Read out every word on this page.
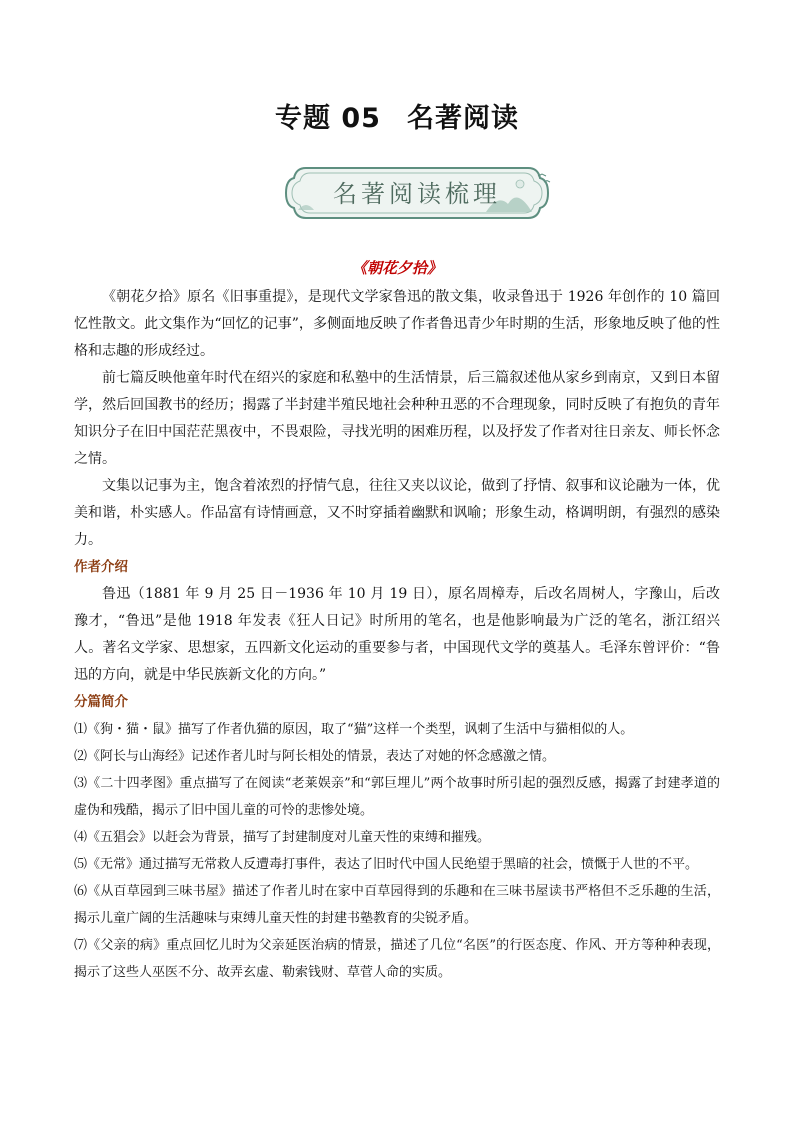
专题 05 名著阅读
名著阅读梳理
《朝花夕拾》

《朝花夕拾》原名《旧事重提》，是现代文学家鲁迅的散文集，收录鲁迅于 1926 年创作的 10 篇回忆性散文。此文集作为“回忆的记事”，多侧面地反映了作者鲁迅青少年时期的生活，形象地反映了他的性格和志趣的形成经过。

前七篇反映他童年时代在绍兴的家庭和私塾中的生活情景，后三篇叙述他从家乡到南京，又到日本留学，然后回国教书的经历；揭露了半封建半殖民地社会种种丑恶的不合理现象，同时反映了有抱负的青年知识分子在旧中国茫茫黑夜中，不畏艰险，寻找光明的困难历程，以及抒发了作者对往日亲友、师长怀念之情。

文集以记事为主，饱含着浓烈的抒情气息，往往又夹以议论，做到了抒情、叙事和议论融为一体，优美和谐，朴实感人。作品富有诗情画意，又不时穿插着幽默和讽喻；形象生动，格调明朗，有强烈的感染力。

作者介绍

鲁迅（1881 年 9 月 25 日－1936 年 10 月 19 日），原名周樟寿，后改名周树人，字豫山，后改豫才，“鲁迅”是他 1918 年发表《狂人日记》时所用的笔名，也是他影响最为广泛的笔名，浙江绍兴人。著名文学家、思想家，五四新文化运动的重要参与者，中国现代文学的奠基人。毛泽东曾评价：“鲁迅的方向，就是中华民族新文化的方向。”

分篇简介
⑴《狗・猫・鼠》描写了作者仇猫的原因，取了“猫”这样一个类型，讽刺了生活中与猫相似的人。
⑵《阿长与山海经》记述作者儿时与阿长相处的情景，表达了对她的怀念感激之情。
⑶《二十四孝图》重点描写了在阅读“老莱娱亲”和“郭巨埋儿”两个故事时所引起的强烈反感，揭露了封建孝道的虚伪和残酷，揭示了旧中国儿童的可怜的悲惨处境。
⑷《五猖会》以赶会为背景，描写了封建制度对儿童天性的束缚和摧残。
⑸《无常》通过描写无常救人反遭毒打事件，表达了旧时代中国人民绝望于黑暗的社会，愤慨于人世的不平。
⑹《从百草园到三味书屋》描述了作者儿时在家中百草园得到的乐趣和在三味书屋读书严格但不乏乐趣的生活，揭示儿童广阔的生活趣味与束缚儿童天性的封建书塾教育的尖锐矛盾。
⑺《父亲的病》重点回忆儿时为父亲延医治病的情景，描述了几位“名医”的行医态度、作风、开方等种种表现，揭示了这些人巫医不分、故弄玄虚、勒索钱财、草菅人命的实质。
